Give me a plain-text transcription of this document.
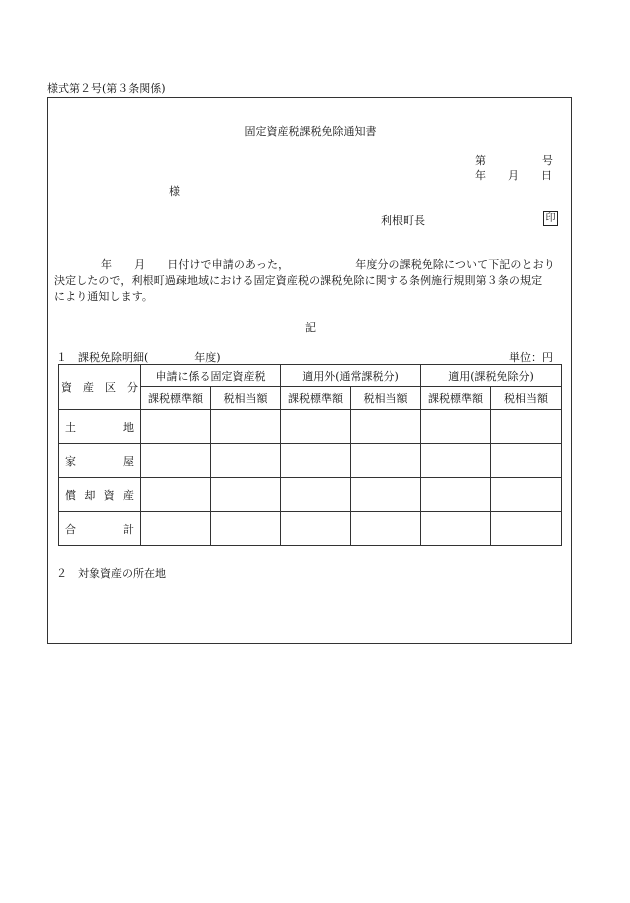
様式第２号(第３条関係)
固定資産税課税免除通知書
第	号
年 月 日
様
利根町長	印
年 月 日付けで申請のあった，	年度分の課税免除について下記のとおり
決定したので，利根町過疎地域における固定資産税の課税免除に関する条例施行規則第３条の規定
により通知します。
記
１　課税免除明細(	年度)	単位：円
２　対象資産の所在地
資　産　区　分	申請に係る固定資産税		適用外(通常課税分)		適用(課税免除分)	
	課税標準額	税相当額	課税標準額	税相当額	課税標準額	税相当額

土 地						

家 屋						

償 却 資 産						

合 計						
